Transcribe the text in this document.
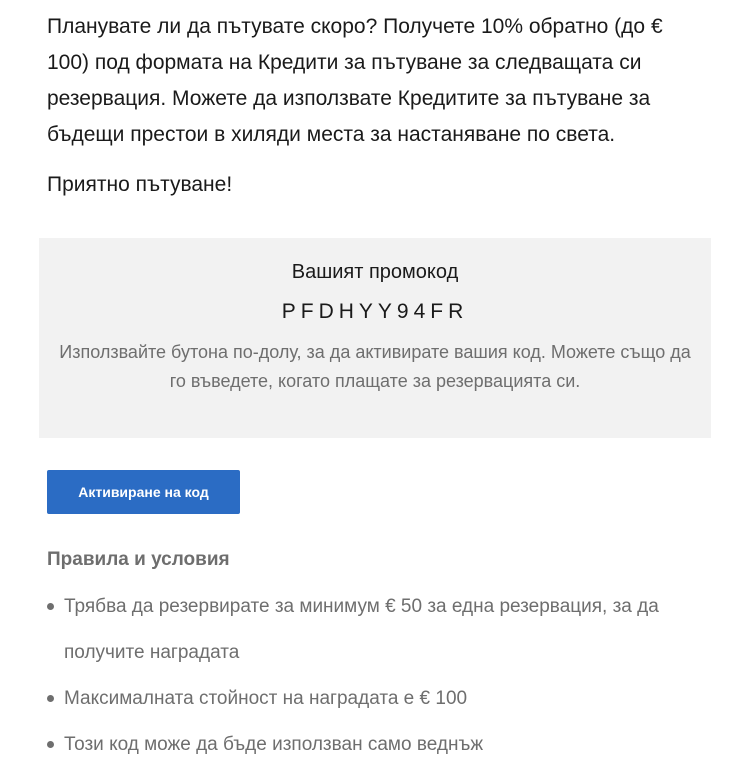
Планувате ли да пътувате скоро? Получете 10% обратно (до € 100) под формата на Кредити за пътуване за следващата си резервация. Можете да използвате Кредитите за пътуване за бъдещи престои в хиляди места за настаняване по света.

Приятно пътуване!

Вашият промокод
PFDHYY94FR
Използвайте бутона по-долу, за да активирате вашия код. Можете също да го въведете, когато плащате за резервацията си.
Активиране на код
Правила и условия
Трябва да резервирате за минимум € 50 за една резервация, за да получите наградата
Максималната стойност на наградата е € 100
Този код може да бъде използван само веднъж
